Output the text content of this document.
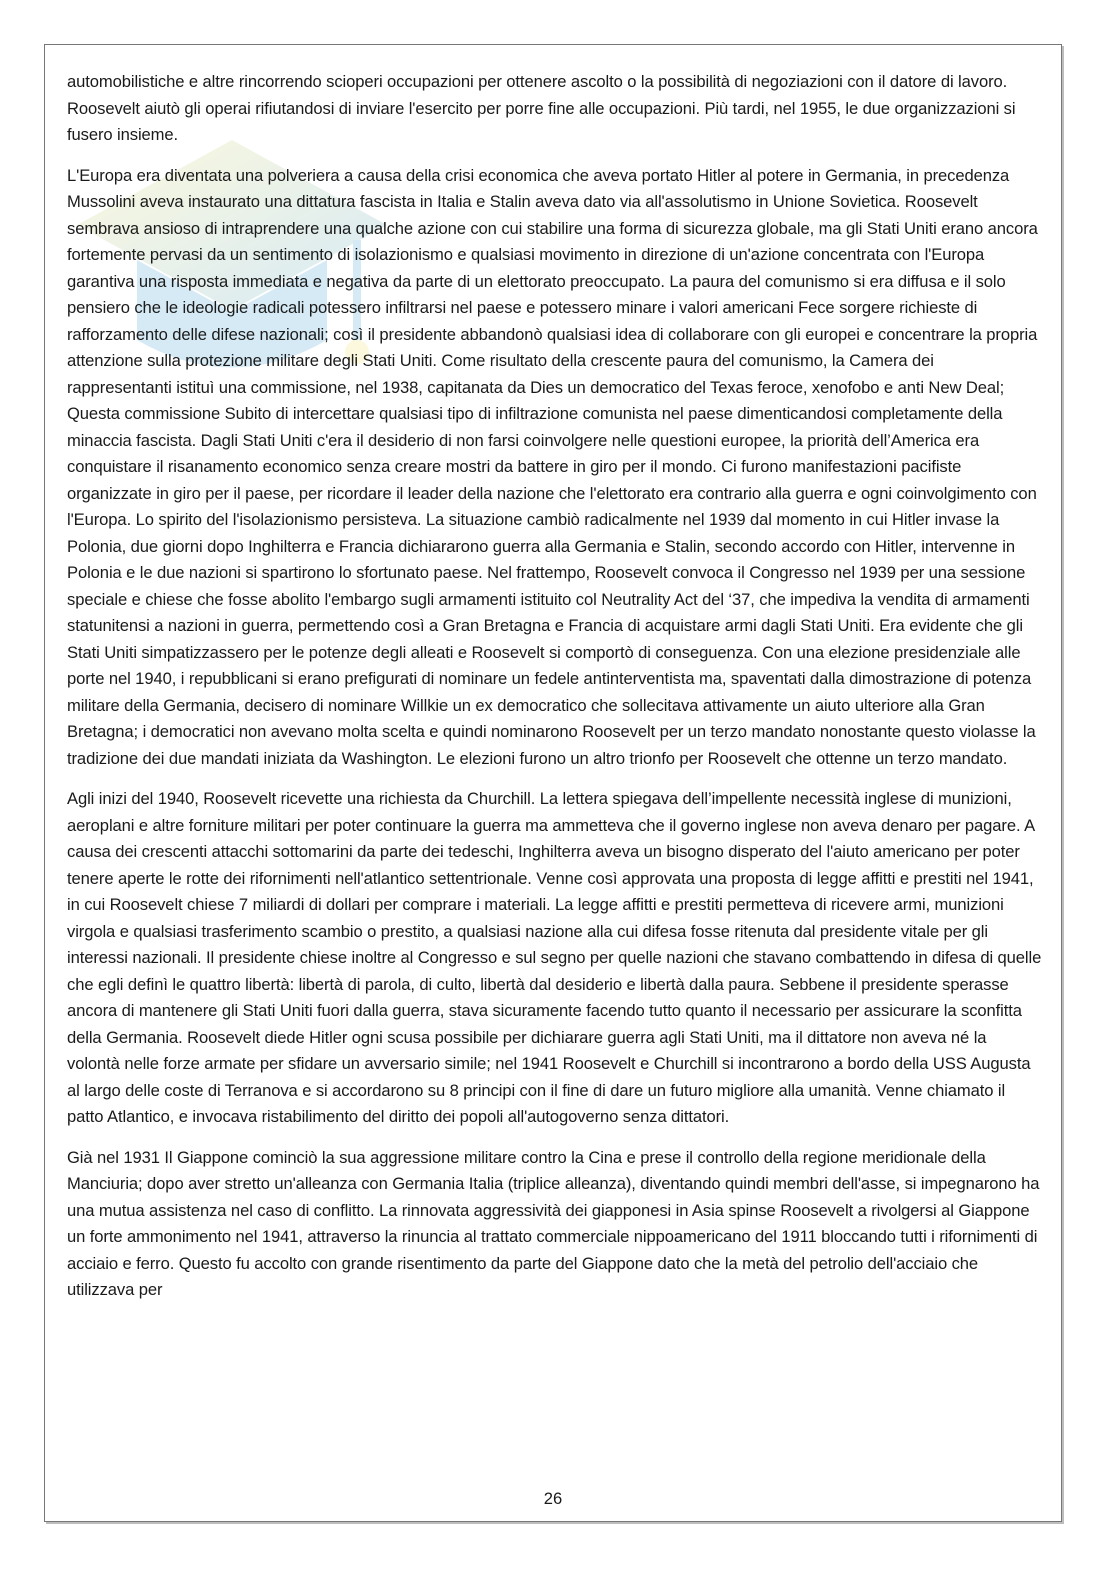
automobilistiche e altre rincorrendo scioperi occupazioni per ottenere ascolto o la possibilità di negoziazioni con il datore di lavoro. Roosevelt aiutò gli operai rifiutandosi di inviare l'esercito per porre fine alle occupazioni. Più tardi, nel 1955, le due organizzazioni si fusero insieme.

L'Europa era diventata una polveriera a causa della crisi economica che aveva portato Hitler al potere in Germania, in precedenza Mussolini aveva instaurato una dittatura fascista in Italia e Stalin aveva dato via all'assolutismo in Unione Sovietica. Roosevelt sembrava ansioso di intraprendere una qualche azione con cui stabilire una forma di sicurezza globale, ma gli Stati Uniti erano ancora fortemente pervasi da un sentimento di isolazionismo e qualsiasi movimento in direzione di un'azione concentrata con l'Europa garantiva una risposta immediata e negativa da parte di un elettorato preoccupato. La paura del comunismo si era diffusa e il solo pensiero che le ideologie radicali potessero infiltrarsi nel paese e potessero minare i valori americani Fece sorgere richieste di rafforzamento delle difese nazionali; così il presidente abbandonò qualsiasi idea di collaborare con gli europei e concentrare la propria attenzione sulla protezione militare degli Stati Uniti. Come risultato della crescente paura del comunismo, la Camera dei rappresentanti istituì una commissione, nel 1938, capitanata da Dies un democratico del Texas feroce, xenofobo e anti New Deal; Questa commissione Subito di intercettare qualsiasi tipo di infiltrazione comunista nel paese dimenticandosi completamente della minaccia fascista. Dagli Stati Uniti c'era il desiderio di non farsi coinvolgere nelle questioni europee, la priorità dell’America era conquistare il risanamento economico senza creare mostri da battere in giro per il mondo. Ci furono manifestazioni pacifiste organizzate in giro per il paese, per ricordare il leader della nazione che l'elettorato era contrario alla guerra e ogni coinvolgimento con l'Europa. Lo spirito del l'isolazionismo persisteva. La situazione cambiò radicalmente nel 1939 dal momento in cui Hitler invase la Polonia, due giorni dopo Inghilterra e Francia dichiararono guerra alla Germania e Stalin, secondo accordo con Hitler, intervenne in Polonia e le due nazioni si spartirono lo sfortunato paese. Nel frattempo, Roosevelt convoca il Congresso nel 1939 per una sessione speciale e chiese che fosse abolito l'embargo sugli armamenti istituito col Neutrality Act del ‘37, che impediva la vendita di armamenti statunitensi a nazioni in guerra, permettendo così a Gran Bretagna e Francia di acquistare armi dagli Stati Uniti. Era evidente che gli Stati Uniti simpatizzassero per le potenze degli alleati e Roosevelt si comportò di conseguenza. Con una elezione presidenziale alle porte nel 1940, i repubblicani si erano prefigurati di nominare un fedele antinterventista ma, spaventati dalla dimostrazione di potenza militare della Germania, decisero di nominare Willkie un ex democratico che sollecitava attivamente un aiuto ulteriore alla Gran Bretagna; i democratici non avevano molta scelta e quindi nominarono Roosevelt per un terzo mandato nonostante questo violasse la tradizione dei due mandati iniziata da Washington. Le elezioni furono un altro trionfo per Roosevelt che ottenne un terzo mandato.

Agli inizi del 1940, Roosevelt ricevette una richiesta da Churchill. La lettera spiegava dell’impellente necessità inglese di munizioni, aeroplani e altre forniture militari per poter continuare la guerra ma ammetteva che il governo inglese non aveva denaro per pagare. A causa dei crescenti attacchi sottomarini da parte dei tedeschi, Inghilterra aveva un bisogno disperato del l'aiuto americano per poter tenere aperte le rotte dei rifornimenti nell'atlantico settentrionale. Venne così approvata una proposta di legge affitti e prestiti nel 1941, in cui Roosevelt chiese 7 miliardi di dollari per comprare i materiali. La legge affitti e prestiti permetteva di ricevere armi, munizioni virgola e qualsiasi trasferimento scambio o prestito, a qualsiasi nazione alla cui difesa fosse ritenuta dal presidente vitale per gli interessi nazionali. Il presidente chiese inoltre al Congresso e sul segno per quelle nazioni che stavano combattendo in difesa di quelle che egli definì le quattro libertà: libertà di parola, di culto, libertà dal desiderio e libertà dalla paura. Sebbene il presidente sperasse ancora di mantenere gli Stati Uniti fuori dalla guerra, stava sicuramente facendo tutto quanto il necessario per assicurare la sconfitta della Germania. Roosevelt diede Hitler ogni scusa possibile per dichiarare guerra agli Stati Uniti, ma il dittatore non aveva né la volontà nelle forze armate per sfidare un avversario simile; nel 1941 Roosevelt e Churchill si incontrarono a bordo della USS Augusta al largo delle coste di Terranova e si accordarono su 8 principi con il fine di dare un futuro migliore alla umanità. Venne chiamato il patto Atlantico, e invocava ristabilimento del diritto dei popoli all'autogoverno senza dittatori.

Già nel 1931 Il Giappone cominciò la sua aggressione militare contro la Cina e prese il controllo della regione meridionale della Manciuria; dopo aver stretto un'alleanza con Germania Italia (triplice alleanza), diventando quindi membri dell'asse, si impegnarono ha una mutua assistenza nel caso di conflitto. La rinnovata aggressività dei giapponesi in Asia spinse Roosevelt a rivolgersi al Giappone un forte ammonimento nel 1941, attraverso la rinuncia al trattato commerciale nippoamericano del 1911 bloccando tutti i rifornimenti di acciaio e ferro. Questo fu accolto con grande risentimento da parte del Giappone dato che la metà del petrolio dell'acciaio che utilizzava per

26
